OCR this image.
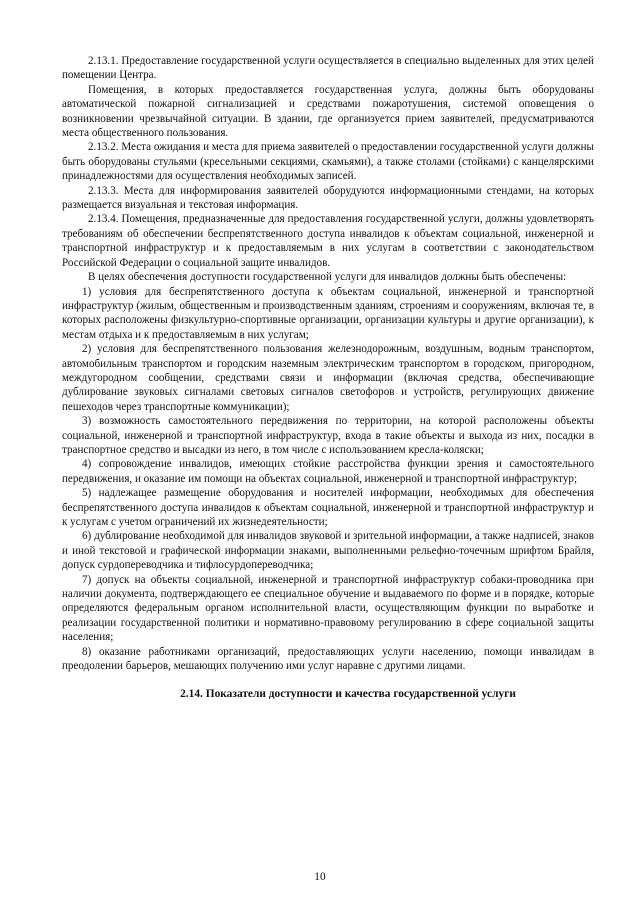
2.13.1. Предоставление государственной услуги осуществляется в специально выделенных для этих целей помещении Центра.

Помещения, в которых предоставляется государственная услуга, должны быть оборудованы автоматической пожарной сигнализацией и средствами пожаротушения, системой оповещения о возникновении чрезвычайной ситуации. В здании, где организуется прием заявителей, предусматриваются места общественного пользования.

2.13.2. Места ожидания и места для приема заявителей о предоставлении государственной услуги должны быть оборудованы стульями (кресельными секциями, скамьями), а также столами (стойками) с канцелярскими принадлежностями для осуществления необходимых записей.

2.13.3. Места для информирования заявителей оборудуются информационными стендами, на которых размещается визуальная и текстовая информация.

2.13.4. Помещения, предназначенные для предоставления государственной услуги, должны удовлетворять требованиям об обеспечении беспрепятственного доступа инвалидов к объектам социальной, инженерной и транспортной инфраструктур и к предоставляемым в них услугам в соответствии с законодательством Российской Федерации о социальной защите инвалидов.

В целях обеспечения доступности государственной услуги для инвалидов должны быть обеспечены:

1) условия для беспрепятственного доступа к объектам социальной, инженерной и транспортной инфраструктур (жилым, общественным и производственным зданиям, строениям и сооружениям, включая те, в которых расположены физкультурно-спортивные организации, организации культуры и другие организации), к местам отдыха и к предоставляемым в них услугам;

2) условия для беспрепятственного пользования железнодорожным, воздушным, водным транспортом, автомобильным транспортом и городским наземным электрическим транспортом в городском, пригородном, междугородном сообщении, средствами связи и информации (включая средства, обеспечивающие дублирование звуковых сигналами световых сигналов светофоров и устройств, регулирующих движение пешеходов через транспортные коммуникации);

3) возможность самостоятельного передвижения по территории, на которой расположены объекты социальной, инженерной и транспортной инфраструктур, входа в такие объекты и выхода из них, посадки в транспортное средство и высадки из него, в том числе с использованием кресла-коляски;

4) сопровождение инвалидов, имеющих стойкие расстройства функции зрения и самостоятельного передвижения, и оказание им помощи на объектах социальной, инженерной и транспортной инфраструктур;

5) надлежащее размещение оборудования и носителей информации, необходимых для обеспечения беспрепятственного доступа инвалидов к объектам социальной, инженерной и транспортной инфраструктур и к услугам с учетом ограничений их жизнедеятельности;

6) дублирование необходимой для инвалидов звуковой и зрительной информации, а также надписей, знаков и иной текстовой и графической информации знаками, выполненными рельефно-точечным шрифтом Брайля, допуск сурдопереводчика и тифлосурдопереводчика;

7) допуск на объекты социальной, инженерной и транспортной инфраструктур собаки-проводника при наличии документа, подтверждающего ее специальное обучение и выдаваемого по форме и в порядке, которые определяются федеральным органом исполнительной власти, осуществляющим функции по выработке и реализации государственной политики и нормативно-правовому регулированию в сфере социальной защиты населения;

8) оказание работниками организаций, предоставляющих услуги населению, помощи инвалидам в преодолении барьеров, мешающих получению ими услуг наравне с другими лицами.

2.14. Показатели доступности и качества государственной услуги

10
